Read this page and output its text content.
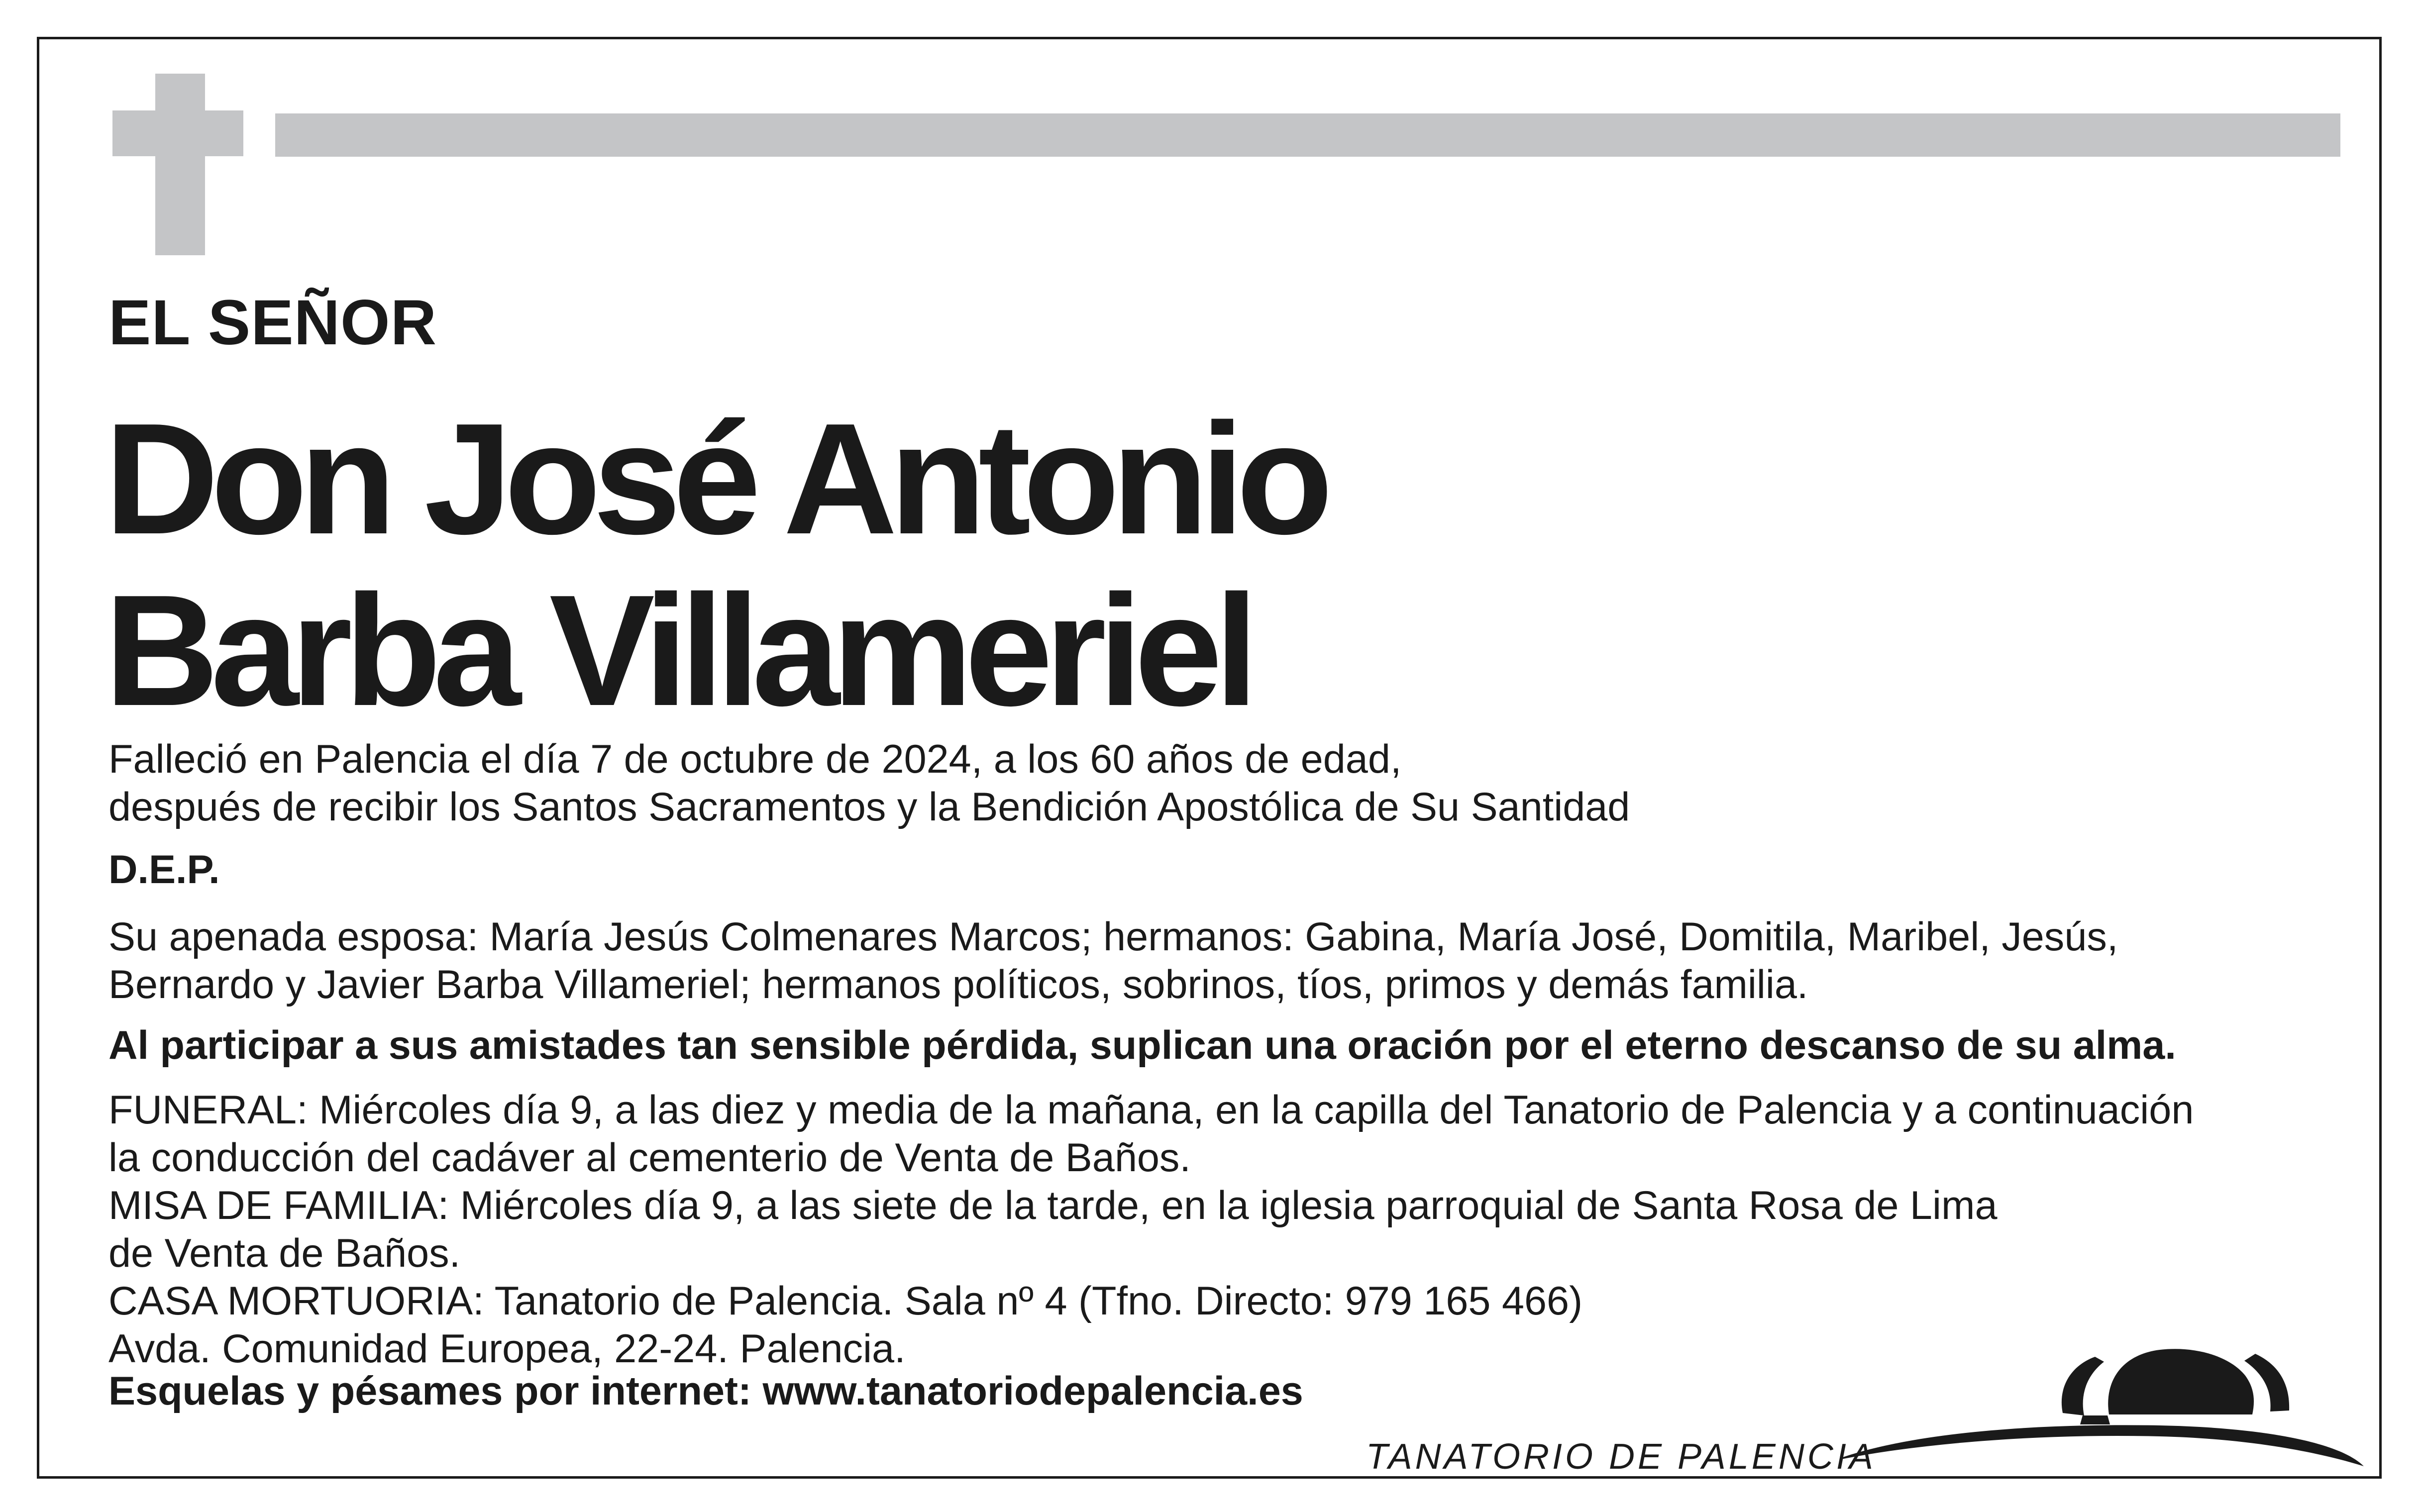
EL SEÑOR

Don José Antonio
Barba Villameriel

Falleció en Palencia el día 7 de octubre de 2024, a los 60 años de edad,
después de recibir los Santos Sacramentos y la Bendición Apostólica de Su Santidad

D.E.P.

Su apenada esposa: María Jesús Colmenares Marcos; hermanos: Gabina, María José, Domitila, Maribel, Jesús,
Bernardo y Javier Barba Villameriel; hermanos políticos, sobrinos, tíos, primos y demás familia.

Al participar a sus amistades tan sensible pérdida, suplican una oración por el eterno descanso de su alma.

FUNERAL: Miércoles día 9, a las diez y media de la mañana, en la capilla del Tanatorio de Palencia y a continuación
la conducción del cadáver al cementerio de Venta de Baños.
MISA DE FAMILIA: Miércoles día 9, a las siete de la tarde, en la iglesia parroquial de Santa Rosa de Lima
de Venta de Baños.
CASA MORTUORIA: Tanatorio de Palencia. Sala nº 4 (Tfno. Directo: 979 165 466)
Avda. Comunidad Europea, 22-24. Palencia.

Esquelas y pésames por internet: www.tanatoriodepalencia.es

TANATORIO DE PALENCIA
